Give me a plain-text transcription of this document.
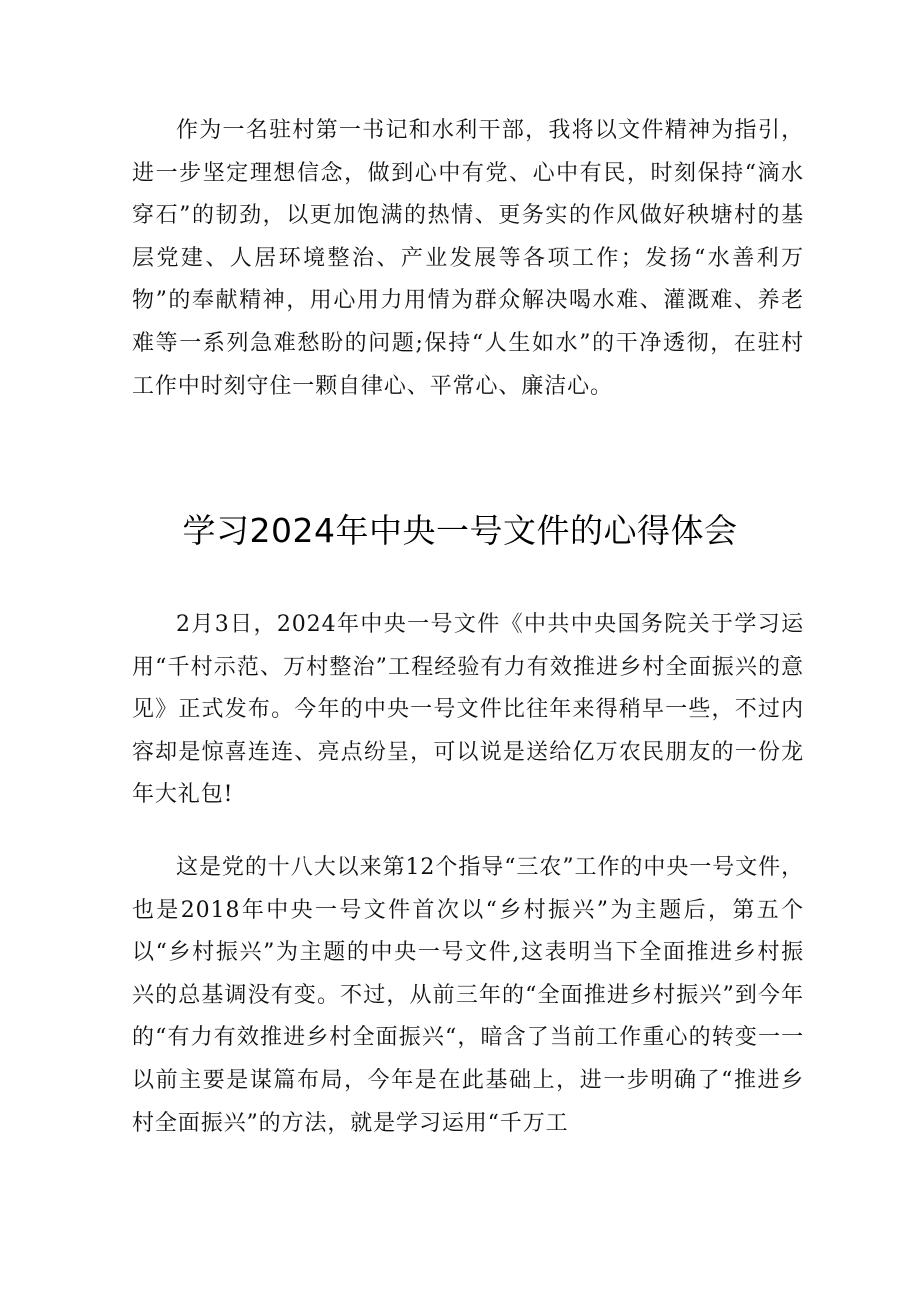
作为一名驻村第一书记和水利干部，我将以文件精神为指引，进一步坚定理想信念，做到心中有党、心中有民，时刻保持“滴水穿石”的韧劲，以更加饱满的热情、更务实的作风做好秧塘村的基层党建、人居环境整治、产业发展等各项工作；发扬“水善利万物”的奉献精神，用心用力用情为群众解决喝水难、灌溉难、养老难等一系列急难愁盼的问题;保持“人生如水”的干净透彻，在驻村工作中时刻守住一颗自律心、平常心、廉洁心。

学习2024年中央一号文件的心得体会

2月3日，2024年中央一号文件《中共中央国务院关于学习运用“千村示范、万村整治”工程经验有力有效推进乡村全面振兴的意见》正式发布。今年的中央一号文件比往年来得稍早一些，不过内容却是惊喜连连、亮点纷呈，可以说是送给亿万农民朋友的一份龙年大礼包!

这是党的十八大以来第12个指导“三农”工作的中央一号文件，也是2018年中央一号文件首次以“乡村振兴”为主题后，第五个以“乡村振兴”为主题的中央一号文件,这表明当下全面推进乡村振兴的总基调没有变。不过，从前三年的“全面推进乡村振兴”到今年的“有力有效推进乡村全面振兴“，暗含了当前工作重心的转变一一以前主要是谋篇布局，今年是在此基础上，进一步明确了“推进乡村全面振兴”的方法，就是学习运用“千万工
